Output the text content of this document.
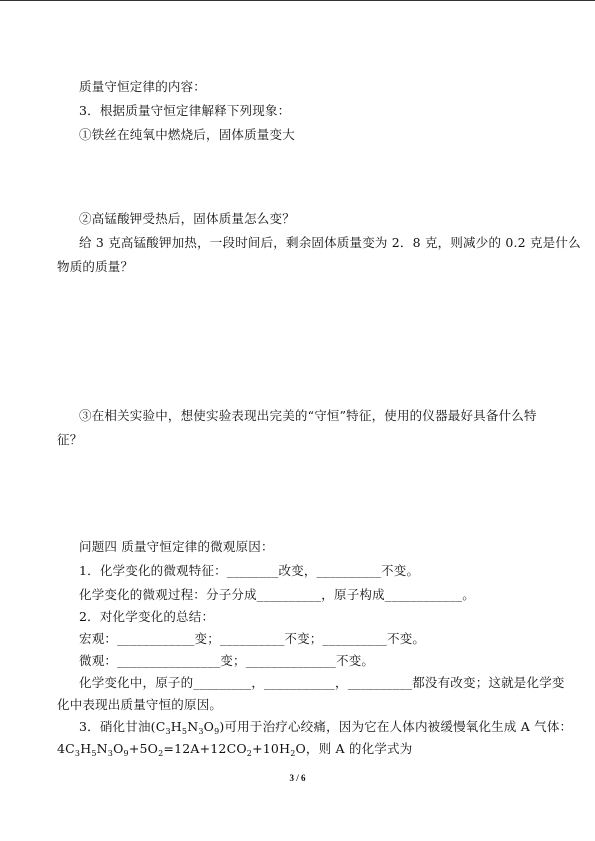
质量守恒定律的内容：
3．根据质量守恒定律解释下列现象：
①铁丝在纯氧中燃烧后，固体质量变大
②高锰酸钾受热后，固体质量怎么变？
给 3 克高锰酸钾加热，一段时间后，剩余固体质量变为 2．8 克，则减少的 0.2 克是什么
物质的质量？
③在相关实验中，想使实验表现出完美的“守恒”特征，使用的仪器最好具备什么特
征？
问题四 质量守恒定律的微观原因：
1．化学变化的微观特征：________改变，__________不变。
化学变化的微观过程：分子分成__________，原子构成____________。
2．对化学变化的总结：
宏观：____________变；__________不变；__________不变。
微观：________________变；______________不变。
化学变化中，原子的_________，___________，__________都没有改变；这就是化学变
化中表现出质量守恒的原因。
3．硝化甘油$(C_3H_5N_3O_9)$可用于治疗心绞痛，因为它在人体内被缓慢氧化生成 A 气体：
$4C_3H_5N_3O_9+5O_2=12A+12CO_2+10H_2O$，则 A 的化学式为
3 / 6
